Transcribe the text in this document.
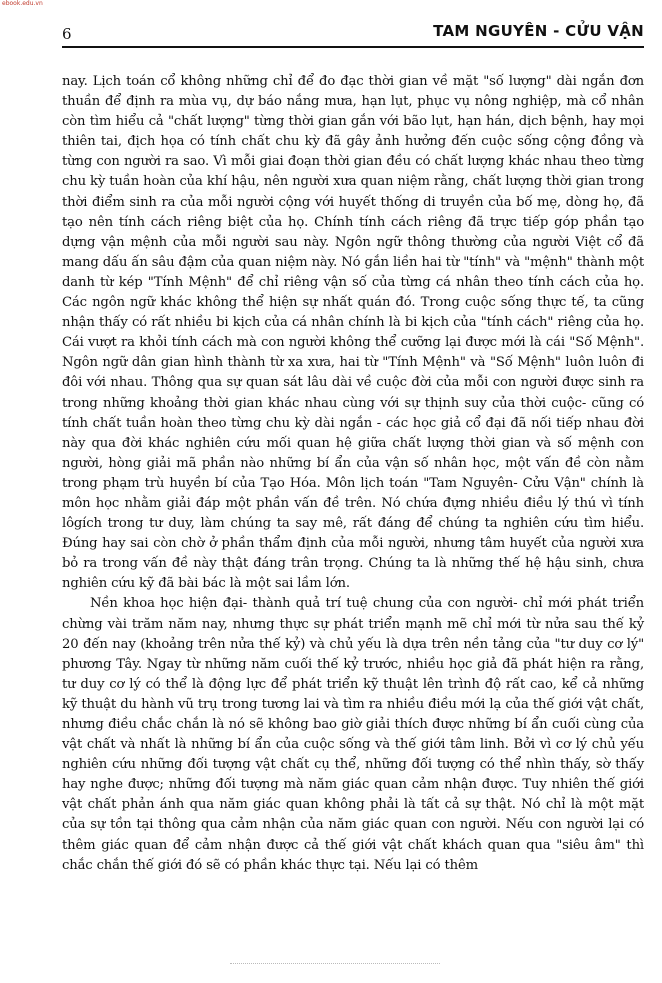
ebook.edu.vn
6	TAM NGUYÊN - CỬU VẬN

nay. Lịch toán cổ không những chỉ để đo đạc thời gian về mặt "số lượng" dài ngắn đơn thuần để định ra mùa vụ, dự báo nắng mưa, hạn lụt, phục vụ nông nghiệp, mà cổ nhân còn tìm hiểu cả "chất lượng" từng thời gian gắn với bão lụt, hạn hán, dịch bệnh, hay mọi thiên tai, địch họa có tính chất chu kỳ đã gây ảnh hưởng đến cuộc sống cộng đồng và từng con người ra sao. Vì mỗi giai đoạn thời gian đều có chất lượng khác nhau theo từng chu kỳ tuần hoàn của khí hậu, nên người xưa quan niệm rằng, chất lượng thời gian trong thời điểm sinh ra của mỗi người cộng với huyết thống di truyền của bố mẹ, dòng họ, đã tạo nên tính cách riêng biệt của họ. Chính tính cách riêng đã trực tiếp góp phần tạo dựng vận mệnh của mỗi người sau này. Ngôn ngữ thông thường của người Việt cổ đã mang dấu ấn sâu đậm của quan niệm này. Nó gắn liền hai từ "tính" và "mệnh" thành một danh từ kép "Tính Mệnh" để chỉ riêng vận số của từng cá nhân theo tính cách của họ. Các ngôn ngữ khác không thể hiện sự nhất quán đó. Trong cuộc sống thực tế, ta cũng nhận thấy có rất nhiều bi kịch của cá nhân chính là bi kịch của "tính cách" riêng của họ. Cái vượt ra khỏi tính cách mà con người không thể cưỡng lại được mới là cái "Số Mệnh". Ngôn ngữ dân gian hình thành từ xa xưa, hai từ "Tính Mệnh" và "Số Mệnh" luôn luôn đi đôi với nhau. Thông qua sự quan sát lâu dài về cuộc đời của mỗi con người được sinh ra trong những khoảng thời gian khác nhau cùng với sự thịnh suy của thời cuộc- cũng có tính chất tuần hoàn theo từng chu kỳ dài ngắn - các học giả cổ đại đã nối tiếp nhau đời này qua đời khác nghiên cứu mối quan hệ giữa chất lượng thời gian và số mệnh con người, hòng giải mã phần nào những bí ẩn của vận số nhân học, một vấn đề còn nằm trong phạm trù huyền bí của Tạo Hóa. Môn lịch toán "Tam Nguyên- Cửu Vận" chính là môn học nhằm giải đáp một phần vấn đề trên. Nó chứa đựng nhiều điều lý thú vì tính lôgích trong tư duy, làm chúng ta say mê, rất đáng để chúng ta nghiên cứu tìm hiểu. Đúng hay sai còn chờ ở phần thẩm định của mỗi người, nhưng tâm huyết của người xưa bỏ ra trong vấn đề này thật đáng trân trọng. Chúng ta là những thế hệ hậu sinh, chưa nghiên cứu kỹ đã bài bác là một sai lầm lớn.

Nền khoa học hiện đại- thành quả trí tuệ chung của con người- chỉ mới phát triển chừng vài trăm năm nay, nhưng thực sự phát triển mạnh mẽ chỉ mới từ nửa sau thế kỷ 20 đến nay (khoảng trên nửa thế kỷ) và chủ yếu là dựa trên nền tảng của "tư duy cơ lý" phương Tây. Ngay từ những năm cuối thế kỷ trước, nhiều học giả đã phát hiện ra rằng, tư duy cơ lý có thể là động lực để phát triển kỹ thuật lên trình độ rất cao, kể cả những kỹ thuật du hành vũ trụ trong tương lai và tìm ra nhiều điều mới lạ của thế giới vật chất, nhưng điều chắc chắn là nó sẽ không bao giờ giải thích được những bí ẩn cuối cùng của vật chất và nhất là những bí ẩn của cuộc sống và thế giới tâm linh. Bởi vì cơ lý chủ yếu nghiên cứu những đối tượng vật chất cụ thể, những đối tượng có thể nhìn thấy, sờ thấy hay nghe được; những đối tượng mà năm giác quan cảm nhận được. Tuy nhiên thế giới vật chất phản ánh qua năm giác quan không phải là tất cả sự thật. Nó chỉ là một mặt của sự tồn tại thông qua cảm nhận của năm giác quan con người. Nếu con người lại có thêm giác quan để cảm nhận được cả thế giới vật chất khách quan qua "siêu âm" thì chắc chắn thế giới đó sẽ có phần khác thực tại. Nếu lại có thêm
